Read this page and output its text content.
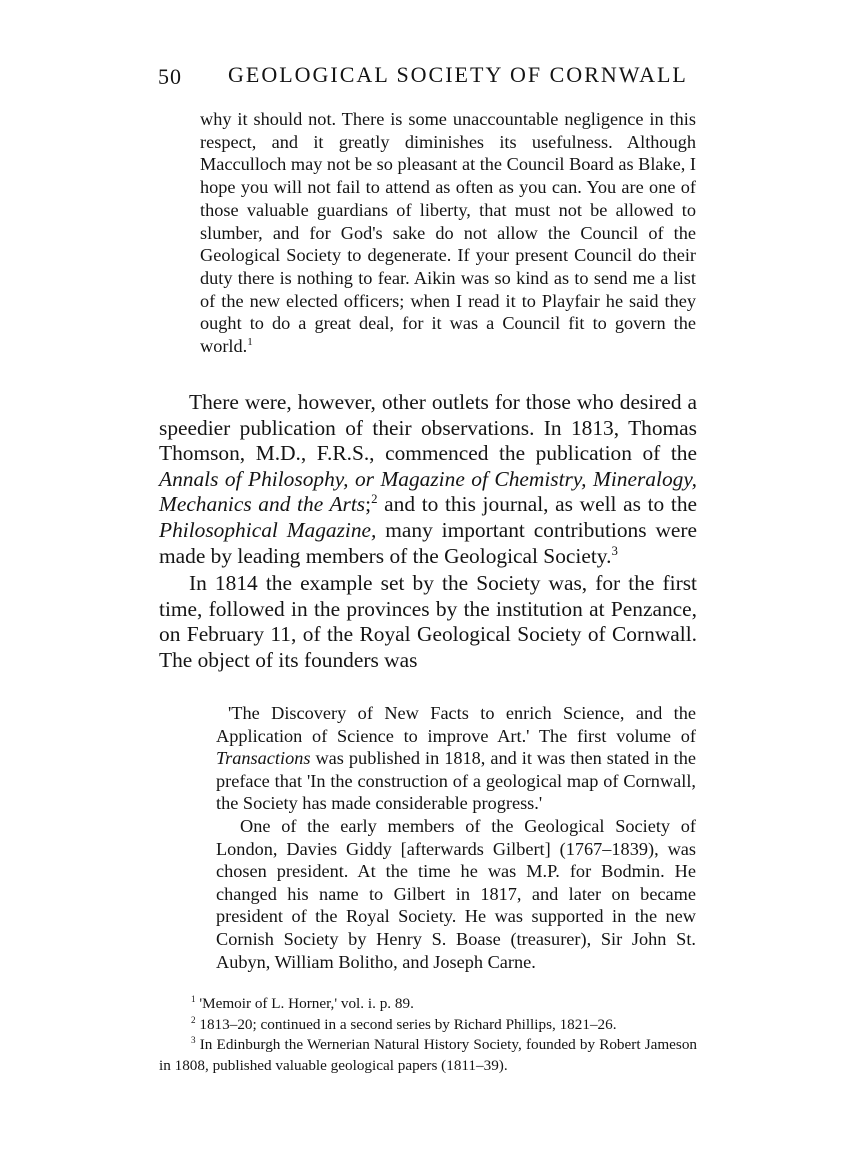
50 GEOLOGICAL SOCIETY OF CORNWALL

why it should not. There is some unaccountable negligence in this respect, and it greatly diminishes its usefulness. Although Macculloch may not be so pleasant at the Council Board as Blake, I hope you will not fail to attend as often as you can. You are one of those valuable guardians of liberty, that must not be allowed to slumber, and for God's sake do not allow the Council of the Geological Society to degenerate. If your present Council do their duty there is nothing to fear. Aikin was so kind as to send me a list of the new elected officers; when I read it to Playfair he said they ought to do a great deal, for it was a Council fit to govern the world.$^1$

There were, however, other outlets for those who desired a speedier publication of their observations. In 1813, Thomas Thomson, M.D., F.R.S., commenced the publication of the Annals of Philosophy, or Magazine of Chemistry, Mineralogy, Mechanics and the Arts;$^2$ and to this journal, as well as to the Philosophical Magazine, many important contributions were made by leading members of the Geological Society.$^3$

In 1814 the example set by the Society was, for the first time, followed in the provinces by the institution at Penzance, on February 11, of the Royal Geological Society of Cornwall. The object of its founders was

'The Discovery of New Facts to enrich Science, and the Application of Science to improve Art.' The first volume of Transactions was published in 1818, and it was then stated in the preface that 'In the construction of a geological map of Cornwall, the Society has made considerable progress.'

One of the early members of the Geological Society of London, Davies Giddy [afterwards Gilbert] (1767–1839), was chosen president. At the time he was M.P. for Bodmin. He changed his name to Gilbert in 1817, and later on became president of the Royal Society. He was supported in the new Cornish Society by Henry S. Boase (treasurer), Sir John St. Aubyn, William Bolitho, and Joseph Carne.

$^1$ 'Memoir of L. Horner,' vol. i. p. 89.

$^2$ 1813–20; continued in a second series by Richard Phillips, 1821–26.

$^3$ In Edinburgh the Wernerian Natural History Society, founded by Robert Jameson in 1808, published valuable geological papers (1811–39).
